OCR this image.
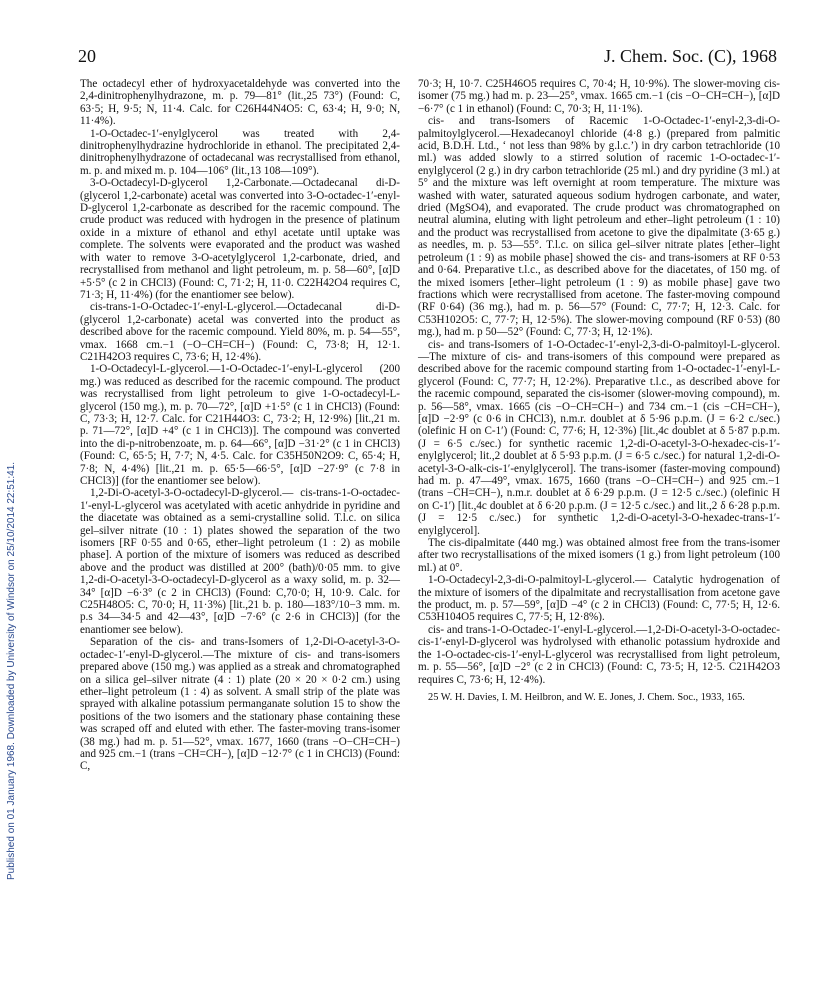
20	J. Chem. Soc. (C), 1968
Published on 01 January 1968. Downloaded by University of Windsor on 25/10/2014 22:51:41.

The octadecyl ether of hydroxyacetaldehyde was converted into the 2,4-dinitrophenylhydrazone, m. p. 79—81° (lit.,25 73°) (Found: C, 63·5; H, 9·5; N, 11·4. Calc. for C26H44N4O5: C, 63·4; H, 9·0; N, 11·4%).

1-O-Octadec-1′-enylglycerol was treated with 2,4-dinitrophenylhydrazine hydrochloride in ethanol. The precipitated 2,4-dinitrophenylhydrazone of octadecanal was recrystallised from ethanol, m. p. and mixed m. p. 104—106° (lit.,13 108—109°).

3-O-Octadecyl-D-glycerol 1,2-Carbonate.—Octadecanal di-D-(glycerol 1,2-carbonate) acetal was converted into 3-O-octadec-1′-enyl-D-glycerol 1,2-carbonate as described for the racemic compound. The crude product was reduced with hydrogen in the presence of platinum oxide in a mixture of ethanol and ethyl acetate until uptake was complete. The solvents were evaporated and the product was washed with water to remove 3-O-acetylglycerol 1,2-carbonate, dried, and recrystallised from methanol and light petroleum, m. p. 58—60°, [α]D +5·5° (c 2 in CHCl3) (Found: C, 71·2; H, 11·0. C22H42O4 requires C, 71·3; H, 11·4%) (for the enantiomer see below).

cis-trans-1-O-Octadec-1′-enyl-L-glycerol.—Octadecanal di-D-(glycerol 1,2-carbonate) acetal was converted into the product as described above for the racemic compound. Yield 80%, m. p. 54—55°, νmax. 1668 cm.−1 (−O−CH=CH−) (Found: C, 73·8; H, 12·1. C21H42O3 requires C, 73·6; H, 12·4%).

1-O-Octadecyl-L-glycerol.—1-O-Octadec-1′-enyl-L-glycerol (200 mg.) was reduced as described for the racemic compound. The product was recrystallised from light petroleum to give 1-O-octadecyl-L-glycerol (150 mg.), m. p. 70—72°, [α]D +1·5° (c 1 in CHCl3) (Found: C, 73·3; H, 12·7. Calc. for C21H44O3: C, 73·2; H, 12·9%) [lit.,21 m. p. 71—72°, [α]D +4° (c 1 in CHCl3)]. The compound was converted into the di-p-nitrobenzoate, m. p. 64—66°, [α]D −31·2° (c 1 in CHCl3) (Found: C, 65·5; H, 7·7; N, 4·5. Calc. for C35H50N2O9: C, 65·4; H, 7·8; N, 4·4%) [lit.,21 m. p. 65·5—66·5°, [α]D −27·9° (c 7·8 in CHCl3)] (for the enantiomer see below).

1,2-Di-O-acetyl-3-O-octadecyl-D-glycerol.— cis-trans-1-O-octadec-1′-enyl-L-glycerol was acetylated with acetic anhydride in pyridine and the diacetate was obtained as a semi-crystalline solid. T.l.c. on silica gel–silver nitrate (10 : 1) plates showed the separation of the two isomers [RF 0·55 and 0·65, ether–light petroleum (1 : 2) as mobile phase]. A portion of the mixture of isomers was reduced as described above and the product was distilled at 200° (bath)/0·05 mm. to give 1,2-di-O-acetyl-3-O-octadecyl-D-glycerol as a waxy solid, m. p. 32—34° [α]D −6·3° (c 2 in CHCl3) (Found: C,70·0; H, 10·9. Calc. for C25H48O5: C, 70·0; H, 11·3%) [lit.,21 b. p. 180—183°/10−3 mm. m. p.s 34—34·5 and 42—43°, [α]D −7·6° (c 2·6 in CHCl3)] (for the enantiomer see below).

Separation of the cis- and trans-Isomers of 1,2-Di-O-acetyl-3-O-octadec-1′-enyl-D-glycerol.—The mixture of cis- and trans-isomers prepared above (150 mg.) was applied as a streak and chromatographed on a silica gel–silver nitrate (4 : 1) plate (20 × 20 × 0·2 cm.) using ether–light petroleum (1 : 4) as solvent. A small strip of the plate was sprayed with alkaline potassium permanganate solution 15 to show the positions of the two isomers and the stationary phase containing these was scraped off and eluted with ether. The faster-moving trans-isomer (38 mg.) had m. p. 51—52°, νmax. 1677, 1660 (trans −O−CH=CH−) and 925 cm.−1 (trans −CH=CH−), [α]D −12·7° (c 1 in CHCl3) (Found: C,

70·3; H, 10·7. C25H46O5 requires C, 70·4; H, 10·9%). The slower-moving cis-isomer (75 mg.) had m. p. 23—25°, νmax. 1665 cm.−1 (cis −O−CH=CH−), [α]D −6·7° (c 1 in ethanol) (Found: C, 70·3; H, 11·1%).

cis- and trans-Isomers of Racemic 1-O-Octadec-1′-enyl-2,3-di-O-palmitoylglycerol.—Hexadecanoyl chloride (4·8 g.) (prepared from palmitic acid, B.D.H. Ltd., ‘ not less than 98% by g.l.c.’) in dry carbon tetrachloride (10 ml.) was added slowly to a stirred solution of racemic 1-O-octadec-1′-enylglycerol (2 g.) in dry carbon tetrachloride (25 ml.) and dry pyridine (3 ml.) at 5° and the mixture was left overnight at room temperature. The mixture was washed with water, saturated aqueous sodium hydrogen carbonate, and water, dried (MgSO4), and evaporated. The crude product was chromatographed on neutral alumina, eluting with light petroleum and ether–light petroleum (1 : 10) and the product was recrystallised from acetone to give the dipalmitate (3·65 g.) as needles, m. p. 53—55°. T.l.c. on silica gel–silver nitrate plates [ether–light petroleum (1 : 9) as mobile phase] showed the cis- and trans-isomers at RF 0·53 and 0·64. Preparative t.l.c., as described above for the diacetates, of 150 mg. of the mixed isomers [ether–light petroleum (1 : 9) as mobile phase] gave two fractions which were recrystallised from acetone. The faster-moving compound (RF 0·64) (36 mg.), had m. p. 56—57° (Found: C, 77·7; H, 12·3. Calc. for C53H102O5: C, 77·7; H, 12·5%). The slower-moving compound (RF 0·53) (80 mg.), had m. p 50—52° (Found: C, 77·3; H, 12·1%).

cis- and trans-Isomers of 1-O-Octadec-1′-enyl-2,3-di-O-palmitoyl-L-glycerol.—The mixture of cis- and trans-isomers of this compound were prepared as described above for the racemic compound starting from 1-O-octadec-1′-enyl-L-glycerol (Found: C, 77·7; H, 12·2%). Preparative t.l.c., as described above for the racemic compound, separated the cis-isomer (slower-moving compound), m. p. 56—58°, νmax. 1665 (cis −O−CH=CH−) and 734 cm.−1 (cis −CH=CH−), [α]D −2·9° (c 0·6 in CHCl3), n.m.r. doublet at δ 5·96 p.p.m. (J = 6·2 c./sec.) (olefinic H on C-1′) (Found: C, 77·6; H, 12·3%) [lit.,4c doublet at δ 5·87 p.p.m. (J = 6·5 c./sec.) for synthetic racemic 1,2-di-O-acetyl-3-O-hexadec-cis-1′-enylglycerol; lit.,2 doublet at δ 5·93 p.p.m. (J = 6·5 c./sec.) for natural 1,2-di-O-acetyl-3-O-alk-cis-1′-enylglycerol]. The trans-isomer (faster-moving compound) had m. p. 47—49°, νmax. 1675, 1660 (trans −O−CH=CH−) and 925 cm.−1 (trans −CH=CH−), n.m.r. doublet at δ 6·29 p.p.m. (J = 12·5 c./sec.) (olefinic H on C-1′) [lit.,4c doublet at δ 6·20 p.p.m. (J = 12·5 c./sec.) and lit.,2 δ 6·28 p.p.m. (J = 12·5 c./sec.) for synthetic 1,2-di-O-acetyl-3-O-hexadec-trans-1′-enylglycerol].

The cis-dipalmitate (440 mg.) was obtained almost free from the trans-isomer after two recrystallisations of the mixed isomers (1 g.) from light petroleum (100 ml.) at 0°.

1-O-Octadecyl-2,3-di-O-palmitoyl-L-glycerol.— Catalytic hydrogenation of the mixture of isomers of the dipalmitate and recrystallisation from acetone gave the product, m. p. 57—59°, [α]D −4° (c 2 in CHCl3) (Found: C, 77·5; H, 12·6. C53H104O5 requires C, 77·5; H, 12·8%).

cis- and trans-1-O-Octadec-1′-enyl-L-glycerol.—1,2-Di-O-acetyl-3-O-octadec-cis-1′-enyl-D-glycerol was hydrolysed with ethanolic potassium hydroxide and the 1-O-octadec-cis-1′-enyl-L-glycerol was recrystallised from light petroleum, m. p. 55—56°, [α]D −2° (c 2 in CHCl3) (Found: C, 73·5; H, 12·5. C21H42O3 requires C, 73·6; H, 12·4%).

25 W. H. Davies, I. M. Heilbron, and W. E. Jones, J. Chem. Soc., 1933, 165.
